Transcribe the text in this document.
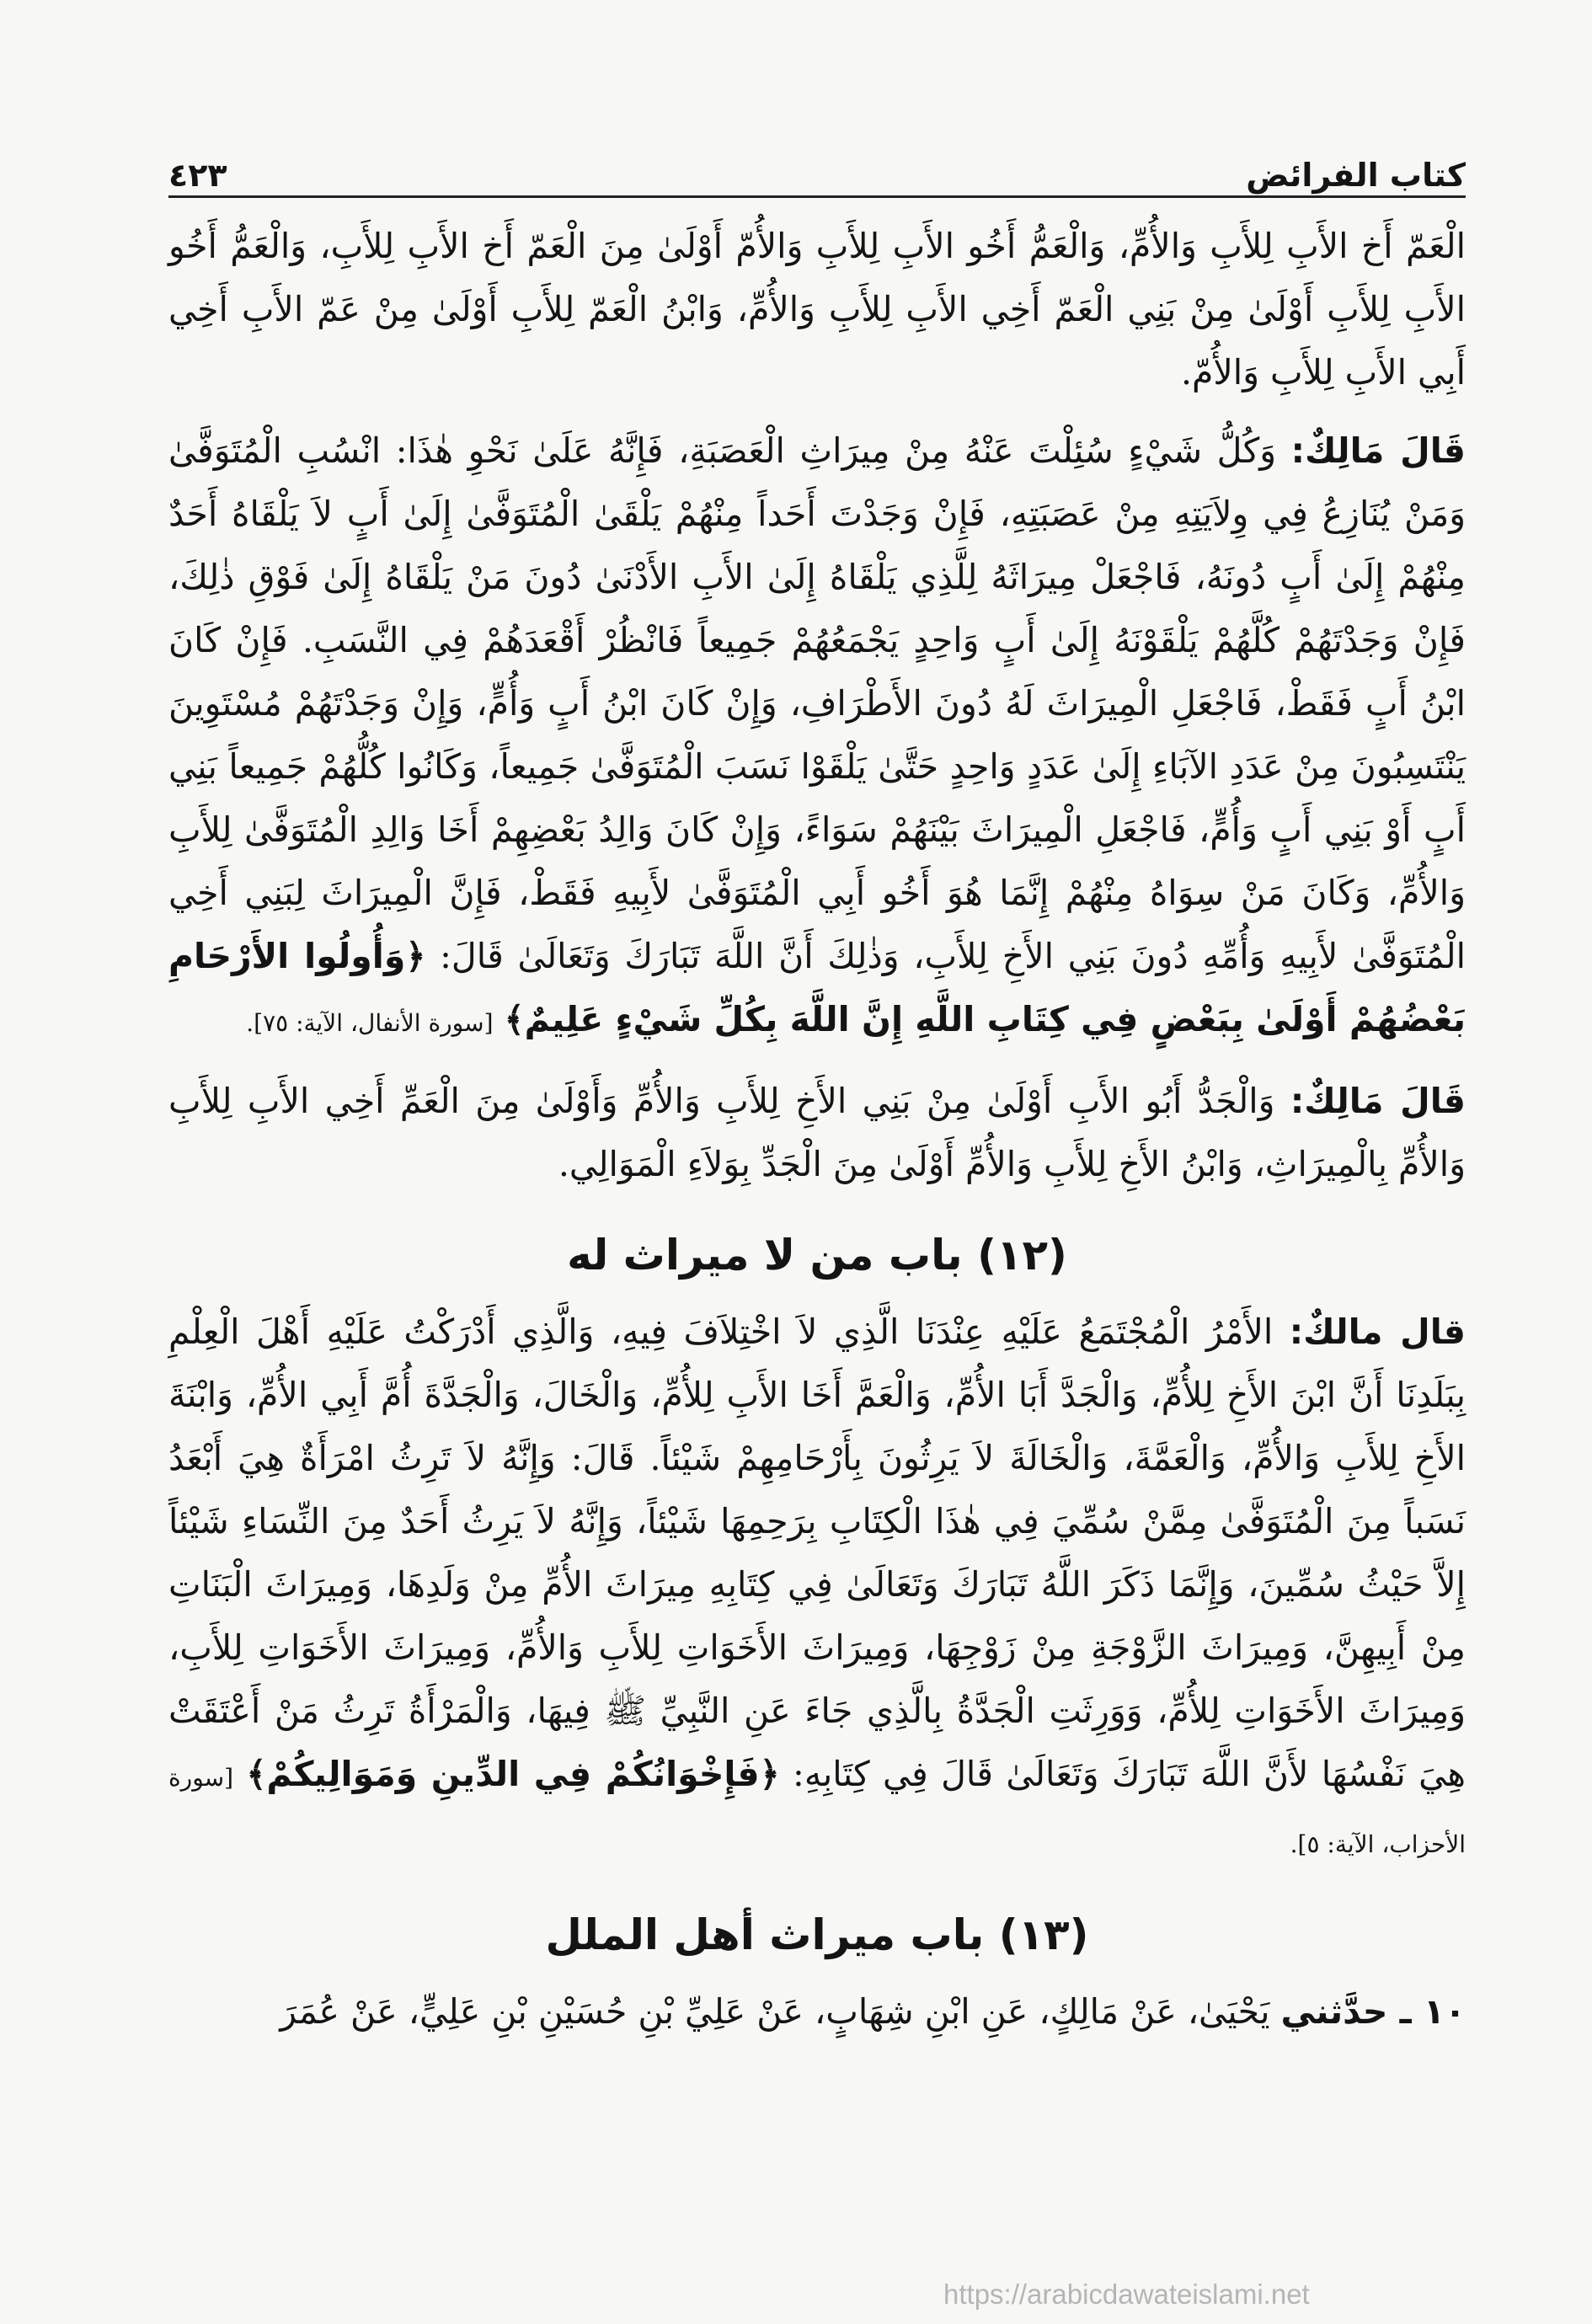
كتاب الفرائض
٤٢٣

الْعَمّ أَخ الأَبِ لِلأَبِ وَالأُمِّ، وَالْعَمُّ أَخُو الأَبِ لِلأَبِ وَالأُمّ أَوْلَىٰ مِنَ الْعَمّ أَخ الأَبِ لِلأَبِ، وَالْعَمُّ أَخُو الأَبِ لِلأَبِ أَوْلَىٰ مِنْ بَنِي الْعَمّ أَخِي الأَبِ لِلأَبِ وَالأُمِّ، وَابْنُ الْعَمّ لِلأَبِ أَوْلَىٰ مِنْ عَمّ الأَبِ أَخِي أَبِي الأَبِ لِلأَبِ وَالأُمّ.

قَالَ مَالِكٌ: وَكُلُّ شَيْءٍ سُئِلْتَ عَنْهُ مِنْ مِيرَاثِ الْعَصَبَةِ، فَإِنَّهُ عَلَىٰ نَحْوِ هٰذَا: انْسُبِ الْمُتَوَفَّىٰ وَمَنْ يُنَازِعُ فِي وِلاَيَتِهِ مِنْ عَصَبَتِهِ، فَإِنْ وَجَدْتَ أَحَداً مِنْهُمْ يَلْقَىٰ الْمُتَوَفَّىٰ إِلَىٰ أَبٍ لاَ يَلْقَاهُ أَحَدٌ مِنْهُمْ إِلَىٰ أَبٍ دُونَهُ، فَاجْعَلْ مِيرَاثَهُ لِلَّذِي يَلْقَاهُ إِلَىٰ الأَبِ الأَدْنَىٰ دُونَ مَنْ يَلْقَاهُ إِلَىٰ فَوْقِ ذٰلِكَ، فَإِنْ وَجَدْتَهُمْ كُلَّهُمْ يَلْقَوْنَهُ إِلَىٰ أَبٍ وَاحِدٍ يَجْمَعُهُمْ جَمِيعاً فَانْظُرْ أَقْعَدَهُمْ فِي النَّسَبِ. فَإِنْ كَانَ ابْنُ أَبٍ فَقَطْ، فَاجْعَلِ الْمِيرَاثَ لَهُ دُونَ الأَطْرَافِ، وَإِنْ كَانَ ابْنُ أَبٍ وَأُمٍّ، وَإِنْ وَجَدْتَهُمْ مُسْتَوِينَ يَنْتَسِبُونَ مِنْ عَدَدِ الآبَاءِ إِلَىٰ عَدَدٍ وَاحِدٍ حَتَّىٰ يَلْقَوْا نَسَبَ الْمُتَوَفَّىٰ جَمِيعاً، وَكَانُوا كُلُّهُمْ جَمِيعاً بَنِي أَبٍ أَوْ بَنِي أَبٍ وَأُمٍّ، فَاجْعَلِ الْمِيرَاثَ بَيْنَهُمْ سَوَاءً، وَإِنْ كَانَ وَالِدُ بَعْضِهِمْ أَخَا وَالِدِ الْمُتَوَفَّىٰ لِلأَبِ وَالأُمِّ، وَكَانَ مَنْ سِوَاهُ مِنْهُمْ إِنَّمَا هُوَ أَخُو أَبِي الْمُتَوَفَّىٰ لأَبِيهِ فَقَطْ، فَإِنَّ الْمِيرَاثَ لِبَنِي أَخِي الْمُتَوَفَّىٰ لأَبِيهِ وَأُمِّهِ دُونَ بَنِي الأَخِ لِلأَبِ، وَذٰلِكَ أَنَّ اللَّهَ تَبَارَكَ وَتَعَالَىٰ قَالَ: ﴿وَأُولُوا الأَرْحَامِ بَعْضُهُمْ أَوْلَىٰ بِبَعْضٍ فِي كِتَابِ اللَّهِ إِنَّ اللَّهَ بِكُلِّ شَيْءٍ عَلِيمٌ﴾ [سورة الأنفال، الآية: ٧٥].

قَالَ مَالِكٌ: وَالْجَدُّ أَبُو الأَبِ أَوْلَىٰ مِنْ بَنِي الأَخِ لِلأَبِ وَالأُمِّ وَأَوْلَىٰ مِنَ الْعَمِّ أَخِي الأَبِ لِلأَبِ وَالأُمِّ بِالْمِيرَاثِ، وَابْنُ الأَخِ لِلأَبِ وَالأُمِّ أَوْلَىٰ مِنَ الْجَدِّ بِوَلاَءِ الْمَوَالِي.

(١٢) باب من لا ميراث له

قال مالكٌ: الأَمْرُ الْمُجْتَمَعُ عَلَيْهِ عِنْدَنَا الَّذِي لاَ اخْتِلاَفَ فِيهِ، وَالَّذِي أَدْرَكْتُ عَلَيْهِ أَهْلَ الْعِلْمِ بِبَلَدِنَا أَنَّ ابْنَ الأَخِ لِلأُمِّ، وَالْجَدَّ أَبَا الأُمِّ، وَالْعَمَّ أَخَا الأَبِ لِلأُمِّ، وَالْخَالَ، وَالْجَدَّةَ أُمَّ أَبِي الأُمِّ، وَابْنَةَ الأَخِ لِلأَبِ وَالأُمِّ، وَالْعَمَّةَ، وَالْخَالَةَ لاَ يَرِثُونَ بِأَرْحَامِهِمْ شَيْئاً. قَالَ: وَإِنَّهُ لاَ تَرِثُ امْرَأَةٌ هِيَ أَبْعَدُ نَسَباً مِنَ الْمُتَوَفَّىٰ مِمَّنْ سُمِّيَ فِي هٰذَا الْكِتَابِ بِرَحِمِهَا شَيْئاً، وَإِنَّهُ لاَ يَرِثُ أَحَدٌ مِنَ النِّسَاءِ شَيْئاً إِلاَّ حَيْثُ سُمِّينَ، وَإِنَّمَا ذَكَرَ اللَّهُ تَبَارَكَ وَتَعَالَىٰ فِي كِتَابِهِ مِيرَاثَ الأُمِّ مِنْ وَلَدِهَا، وَمِيرَاثَ الْبَنَاتِ مِنْ أَبِيهِنَّ، وَمِيرَاثَ الزَّوْجَةِ مِنْ زَوْجِهَا، وَمِيرَاثَ الأَخَوَاتِ لِلأَبِ وَالأُمِّ، وَمِيرَاثَ الأَخَوَاتِ لِلأَبِ، وَمِيرَاثَ الأَخَوَاتِ لِلأُمِّ، وَوَرِثَتِ الْجَدَّةُ بِالَّذِي جَاءَ عَنِ النَّبِيِّ ﷺ فِيهَا، وَالْمَرْأَةُ تَرِثُ مَنْ أَعْتَقَتْ هِيَ نَفْسُهَا لأَنَّ اللَّهَ تَبَارَكَ وَتَعَالَىٰ قَالَ فِي كِتَابِهِ: ﴿فَإِخْوَانُكُمْ فِي الدِّينِ وَمَوَالِيكُمْ﴾ [سورة الأحزاب، الآية: ٥].

(١٣) باب ميراث أهل الملل

١٠ ـ حدَّثني يَحْيَىٰ، عَنْ مَالِكٍ، عَنِ ابْنِ شِهَابٍ، عَنْ عَلِيِّ بْنِ حُسَيْنِ بْنِ عَلِيٍّ، عَنْ عُمَرَ

https://arabicdawateislami.net
